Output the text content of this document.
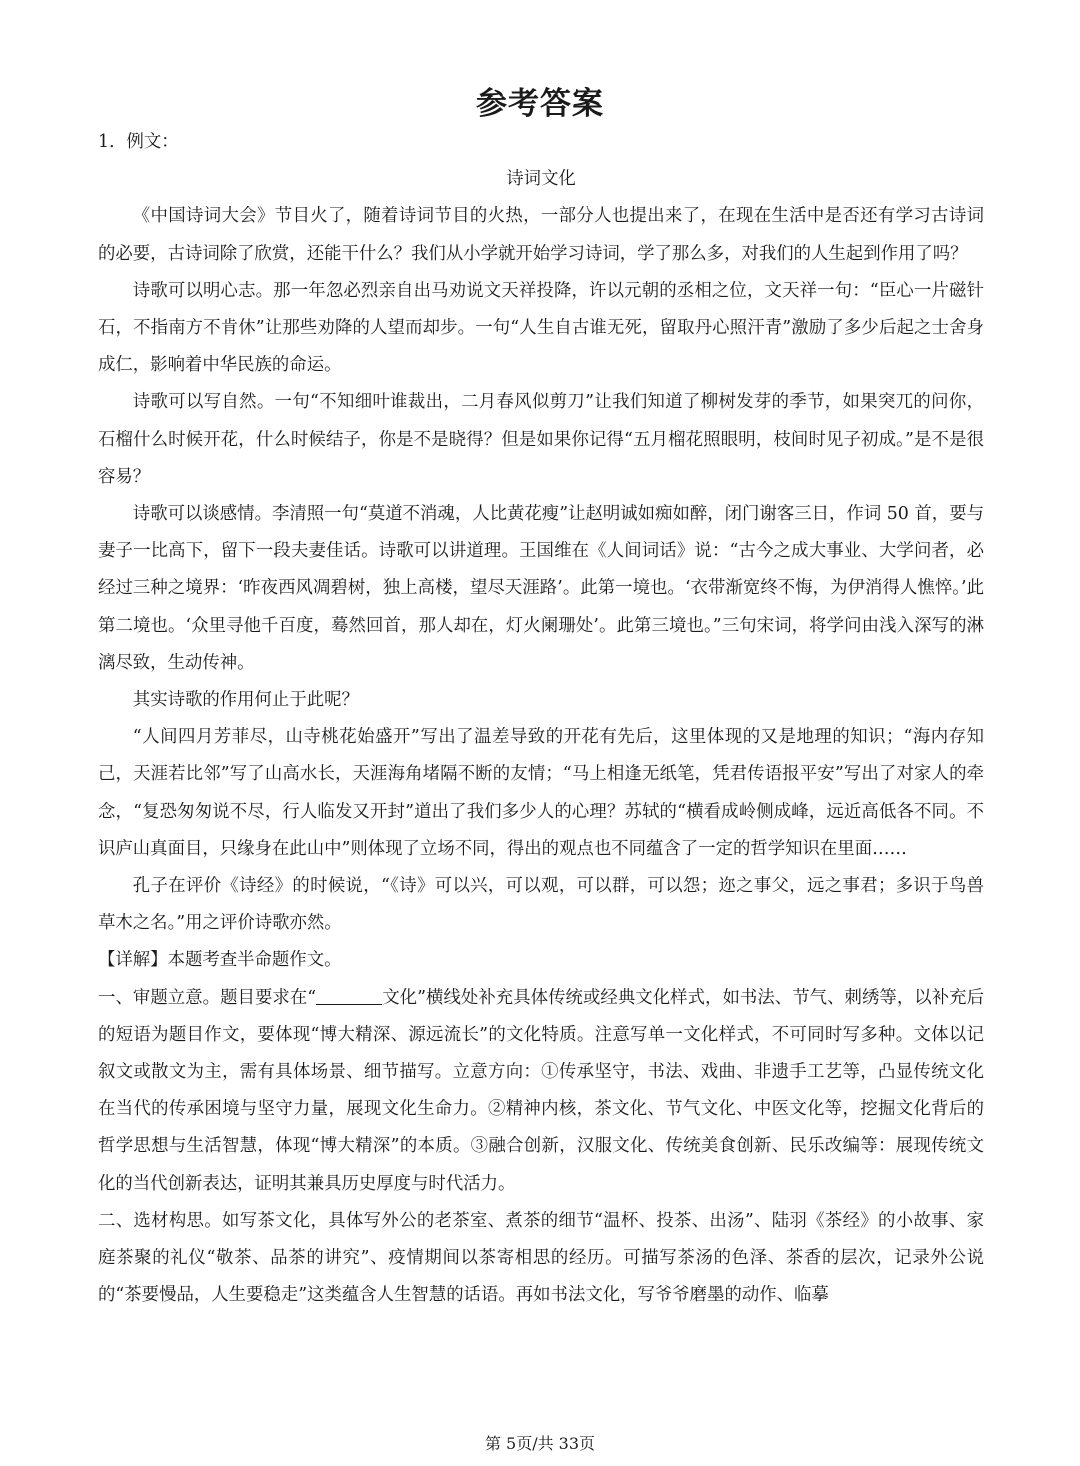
参考答案

1．例文：

诗词文化

《中国诗词大会》节目火了，随着诗词节目的火热，一部分人也提出来了，在现在生活中是否还有学习古诗词的必要，古诗词除了欣赏，还能干什么？我们从小学就开始学习诗词，学了那么多，对我们的人生起到作用了吗？

诗歌可以明心志。那一年忽必烈亲自出马劝说文天祥投降，许以元朝的丞相之位，文天祥一句：“臣心一片磁针石，不指南方不肯休”让那些劝降的人望而却步。一句“人生自古谁无死，留取丹心照汗青”激励了多少后起之士舍身成仁，影响着中华民族的命运。

诗歌可以写自然。一句“不知细叶谁裁出，二月春风似剪刀”让我们知道了柳树发芽的季节，如果突兀的问你，石榴什么时候开花，什么时候结子，你是不是晓得？但是如果你记得“五月榴花照眼明，枝间时见子初成。”是不是很容易？

诗歌可以谈感情。李清照一句“莫道不消魂，人比黄花瘦”让赵明诚如痴如醉，闭门谢客三日，作词 50 首，要与妻子一比高下，留下一段夫妻佳话。诗歌可以讲道理。王国维在《人间词话》说：“古今之成大事业、大学问者，必经过三种之境界：‘昨夜西风凋碧树，独上高楼，望尽天涯路’。此第一境也。‘衣带渐宽终不悔，为伊消得人憔悴。’此第二境也。‘众里寻他千百度，蓦然回首，那人却在，灯火阑珊处’。此第三境也。”三句宋词，将学问由浅入深写的淋漓尽致，生动传神。

其实诗歌的作用何止于此呢？

“人间四月芳菲尽，山寺桃花始盛开”写出了温差导致的开花有先后，这里体现的又是地理的知识；“海内存知己，天涯若比邻”写了山高水长，天涯海角堵隔不断的友情；“马上相逢无纸笔，凭君传语报平安”写出了对家人的牵念，“复恐匆匆说不尽，行人临发又开封”道出了我们多少人的心理？苏轼的“横看成岭侧成峰，远近高低各不同。不识庐山真面目，只缘身在此山中”则体现了立场不同，得出的观点也不同蕴含了一定的哲学知识在里面……

孔子在评价《诗经》的时候说，“《诗》可以兴，可以观，可以群，可以怨；迩之事父，远之事君；多识于鸟兽草木之名。”用之评价诗歌亦然。

【详解】本题考查半命题作文。

一、审题立意。题目要求在“	文化”横线处补充具体传统或经典文化样式，如书法、节气、刺绣等，以补充后的短语为题目作文，要体现“博大精深、源远流长”的文化特质。注意写单一文化样式，不可同时写多种。文体以记叙文或散文为主，需有具体场景、细节描写。立意方向：①传承坚守，书法、戏曲、非遗手工艺等，凸显传统文化在当代的传承困境与坚守力量，展现文化生命力。②精神内核，茶文化、节气文化、中医文化等，挖掘文化背后的哲学思想与生活智慧，体现“博大精深”的本质。③融合创新，汉服文化、传统美食创新、民乐改编等：展现传统文化的当代创新表达，证明其兼具历史厚度与时代活力。

二、选材构思。如写茶文化，具体写外公的老茶室、煮茶的细节“温杯、投茶、出汤”、陆羽《茶经》的小故事、家庭茶聚的礼仪“敬茶、品茶的讲究”、疫情期间以茶寄相思的经历。可描写茶汤的色泽、茶香的层次，记录外公说的“茶要慢品，人生要稳走”这类蕴含人生智慧的话语。再如书法文化，写爷爷磨墨的动作、临摹

第 5页/共 33页
